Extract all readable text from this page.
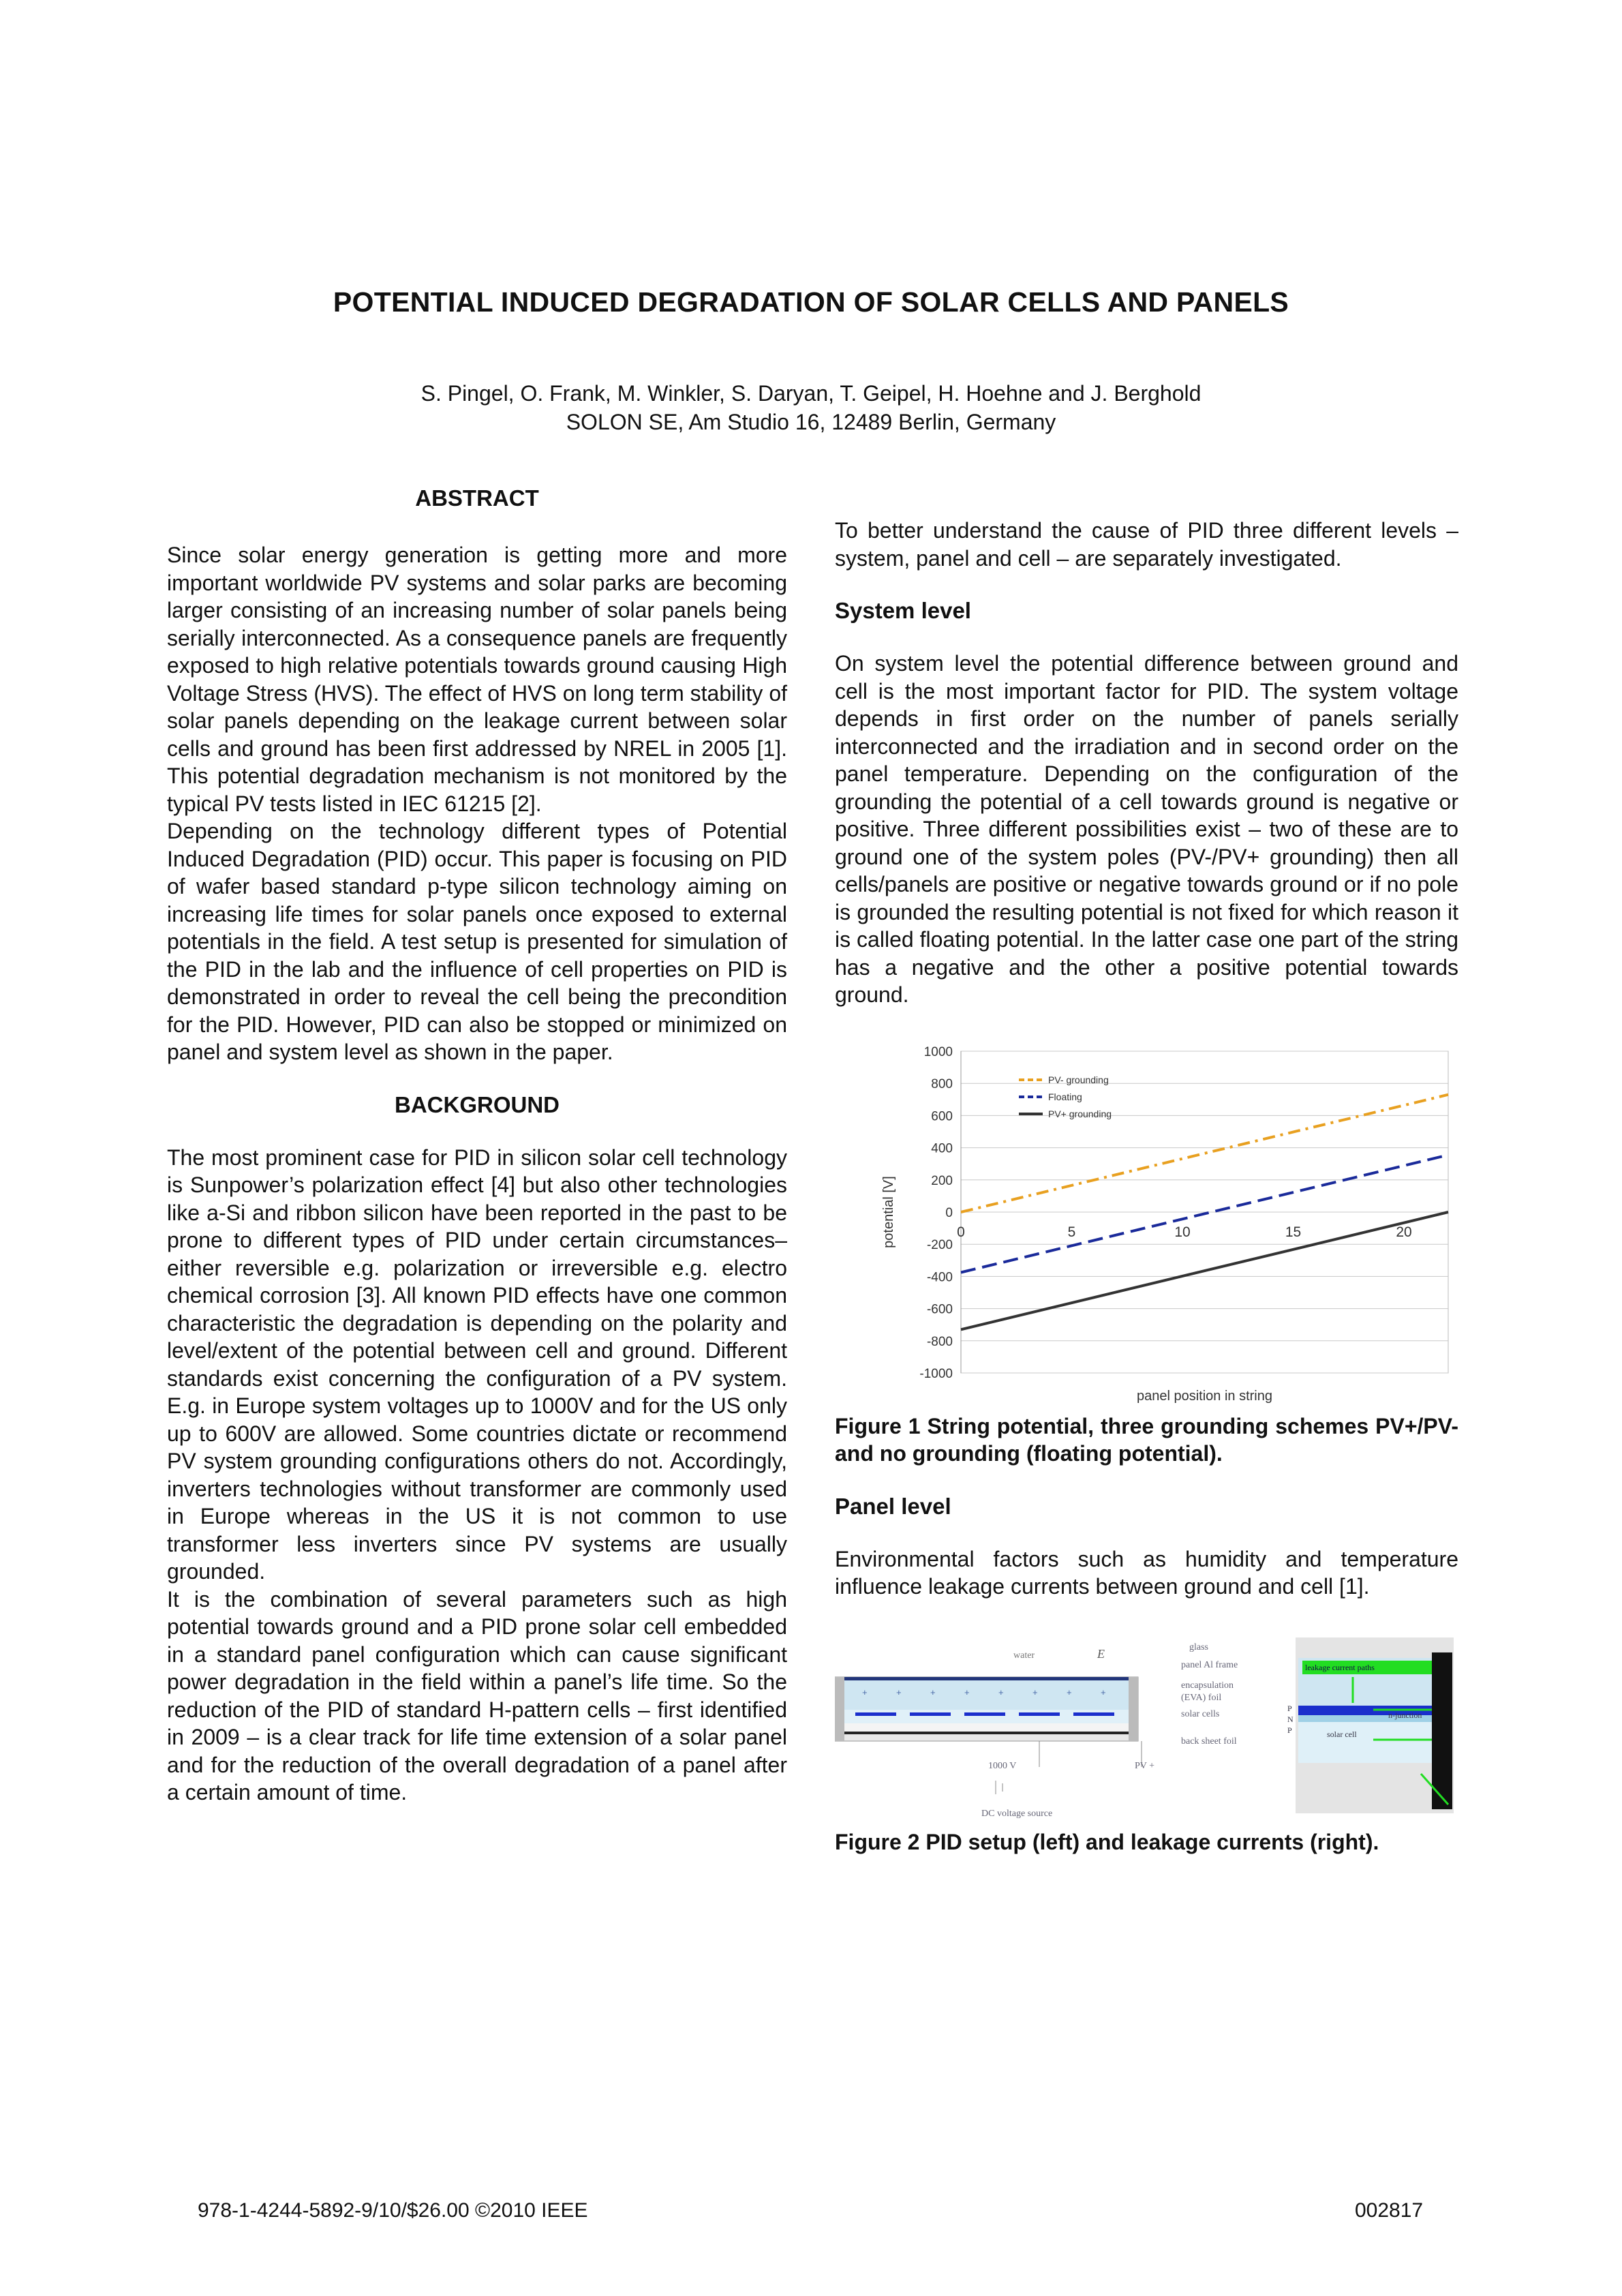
POTENTIAL INDUCED DEGRADATION OF SOLAR CELLS AND PANELS
S. Pingel, O. Frank, M. Winkler, S. Daryan, T. Geipel, H. Hoehne and J. Berghold
SOLON SE, Am Studio 16, 12489 Berlin, Germany
ABSTRACT

Since solar energy generation is getting more and more important worldwide PV systems and solar parks are becoming larger consisting of an increasing number of solar panels being serially interconnected. As a consequence panels are frequently exposed to high relative potentials towards ground causing High Voltage Stress (HVS). The effect of HVS on long term stability of solar panels depending on the leakage current between solar cells and ground has been first addressed by NREL in 2005 [1]. This potential degradation mechanism is not monitored by the typical PV tests listed in IEC 61215 [2].

Depending on the technology different types of Potential Induced Degradation (PID) occur. This paper is focusing on PID of wafer based standard p-type silicon technology aiming on increasing life times for solar panels once exposed to external potentials in the field. A test setup is presented for simulation of the PID in the lab and the influence of cell properties on PID is demonstrated in order to reveal the cell being the precondition for the PID. However, PID can also be stopped or minimized on panel and system level as shown in the paper.

BACKGROUND

The most prominent case for PID in silicon solar cell technology is Sunpower’s polarization effect [4] but also other technologies like a-Si and ribbon silicon have been reported in the past to be prone to different types of PID under certain circumstances– either reversible e.g. polarization or irreversible e.g. electro chemical corrosion [3]. All known PID effects have one common characteristic the degradation is depending on the polarity and level/extent of the potential between cell and ground. Different standards exist concerning the configuration of a PV system. E.g. in Europe system voltages up to 1000V and for the US only up to 600V are allowed. Some countries dictate or recommend PV system grounding configurations others do not. Accordingly, inverters technologies without transformer are commonly used in Europe whereas in the US it is not common to use transformer less inverters since PV systems are usually grounded.

It is the combination of several parameters such as high potential towards ground and a PID prone solar cell embedded in a standard panel configuration which can cause significant power degradation in the field within a panel’s life time. So the reduction of the PID of standard H-pattern cells – first identified in 2009 – is a clear track for life time extension of a solar panel and for the reduction of the overall degradation of a panel after a certain amount of time.

To better understand the cause of PID three different levels – system, panel and cell – are separately investigated.

System level

On system level the potential difference between ground and cell is the most important factor for PID. The system voltage depends in first order on the number of panels serially interconnected and the irradiation and in second order on the panel temperature. Depending on the configuration of the grounding the potential of a cell towards ground is negative or positive. Three different possibilities exist – two of these are to ground one of the system poles (PV-/PV+ grounding) then all cells/panels are positive or negative towards ground or if no pole is grounded the resulting potential is not fixed for which reason it is called floating potential. In the latter case one part of the string has a negative and the other a positive potential towards ground.

1000
800
600
400
200
0
-200
-400
-600
-800
-1000
0	5	10	15	20
PV- grounding
Floating
PV+ grounding
potential [V]
panel position in string

Figure 1 String potential, three grounding schemes PV+/PV- and no grounding (floating potential).

Panel level

Environmental factors such as humidity and temperature influence leakage currents between ground and cell [1].

+	+	+	+	+	+	+	+
water	E	glass
panel Al frame
encapsulation
(EVA) foil
solar cells
back sheet foil
1000 V	PV +
DC voltage source
leakage current paths
P
N
P
n-junction
solar cell

Figure 2 PID setup (left) and leakage currents (right).

978-1-4244-5892-9/10/$26.00 ©2010 IEEE	002817
